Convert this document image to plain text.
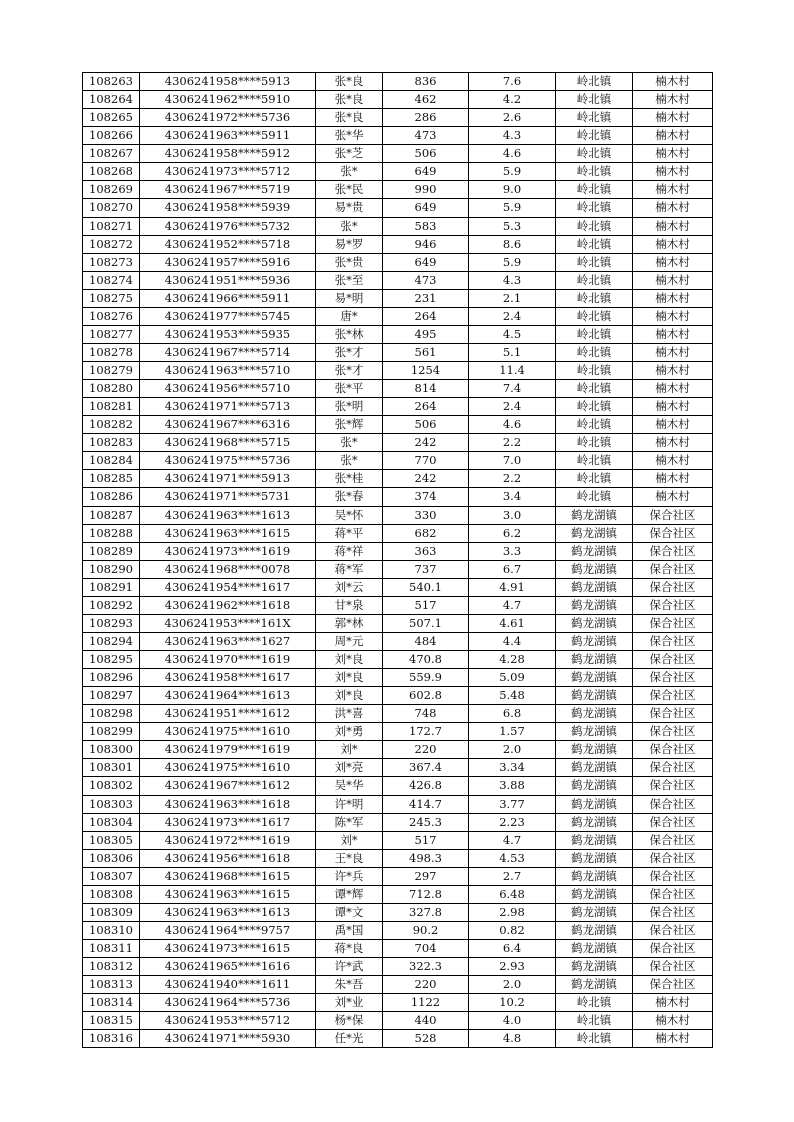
108263	4306241958****5913	张*良	836	7.6	岭北镇	楠木村
108264	4306241962****5910	张*良	462	4.2	岭北镇	楠木村
108265	4306241972****5736	张*良	286	2.6	岭北镇	楠木村
108266	4306241963****5911	张*华	473	4.3	岭北镇	楠木村
108267	4306241958****5912	张*芝	506	4.6	岭北镇	楠木村
108268	4306241973****5712	张*	649	5.9	岭北镇	楠木村
108269	4306241967****5719	张*民	990	9.0	岭北镇	楠木村
108270	4306241958****5939	易*贵	649	5.9	岭北镇	楠木村
108271	4306241976****5732	张*	583	5.3	岭北镇	楠木村
108272	4306241952****5718	易*罗	946	8.6	岭北镇	楠木村
108273	4306241957****5916	张*贵	649	5.9	岭北镇	楠木村
108274	4306241951****5936	张*至	473	4.3	岭北镇	楠木村
108275	4306241966****5911	易*明	231	2.1	岭北镇	楠木村
108276	4306241977****5745	唐*	264	2.4	岭北镇	楠木村
108277	4306241953****5935	张*林	495	4.5	岭北镇	楠木村
108278	4306241967****5714	张*才	561	5.1	岭北镇	楠木村
108279	4306241963****5710	张*才	1254	11.4	岭北镇	楠木村
108280	4306241956****5710	张*平	814	7.4	岭北镇	楠木村
108281	4306241971****5713	张*明	264	2.4	岭北镇	楠木村
108282	4306241967****6316	张*辉	506	4.6	岭北镇	楠木村
108283	4306241968****5715	张*	242	2.2	岭北镇	楠木村
108284	4306241975****5736	张*	770	7.0	岭北镇	楠木村
108285	4306241971****5913	张*桂	242	2.2	岭北镇	楠木村
108286	4306241971****5731	张*春	374	3.4	岭北镇	楠木村
108287	4306241963****1613	吴*怀	330	3.0	鹤龙湖镇	保合社区
108288	4306241963****1615	蒋*平	682	6.2	鹤龙湖镇	保合社区
108289	4306241973****1619	蒋*祥	363	3.3	鹤龙湖镇	保合社区
108290	4306241968****0078	蒋*军	737	6.7	鹤龙湖镇	保合社区
108291	4306241954****1617	刘*云	540.1	4.91	鹤龙湖镇	保合社区
108292	4306241962****1618	甘*泉	517	4.7	鹤龙湖镇	保合社区
108293	4306241953****161X	郭*林	507.1	4.61	鹤龙湖镇	保合社区
108294	4306241963****1627	周*元	484	4.4	鹤龙湖镇	保合社区
108295	4306241970****1619	刘*良	470.8	4.28	鹤龙湖镇	保合社区
108296	4306241958****1617	刘*良	559.9	5.09	鹤龙湖镇	保合社区
108297	4306241964****1613	刘*良	602.8	5.48	鹤龙湖镇	保合社区
108298	4306241951****1612	洪*喜	748	6.8	鹤龙湖镇	保合社区
108299	4306241975****1610	刘*勇	172.7	1.57	鹤龙湖镇	保合社区
108300	4306241979****1619	刘*	220	2.0	鹤龙湖镇	保合社区
108301	4306241975****1610	刘*亮	367.4	3.34	鹤龙湖镇	保合社区
108302	4306241967****1612	吴*华	426.8	3.88	鹤龙湖镇	保合社区
108303	4306241963****1618	许*明	414.7	3.77	鹤龙湖镇	保合社区
108304	4306241973****1617	陈*军	245.3	2.23	鹤龙湖镇	保合社区
108305	4306241972****1619	刘*	517	4.7	鹤龙湖镇	保合社区
108306	4306241956****1618	王*良	498.3	4.53	鹤龙湖镇	保合社区
108307	4306241968****1615	许*兵	297	2.7	鹤龙湖镇	保合社区
108308	4306241963****1615	谭*辉	712.8	6.48	鹤龙湖镇	保合社区
108309	4306241963****1613	谭*文	327.8	2.98	鹤龙湖镇	保合社区
108310	4306241964****9757	禹*国	90.2	0.82	鹤龙湖镇	保合社区
108311	4306241973****1615	蒋*良	704	6.4	鹤龙湖镇	保合社区
108312	4306241965****1616	许*武	322.3	2.93	鹤龙湖镇	保合社区
108313	4306241940****1611	朱*吾	220	2.0	鹤龙湖镇	保合社区
108314	4306241964****5736	刘*业	1122	10.2	岭北镇	楠木村
108315	4306241953****5712	杨*保	440	4.0	岭北镇	楠木村
108316	4306241971****5930	任*光	528	4.8	岭北镇	楠木村
